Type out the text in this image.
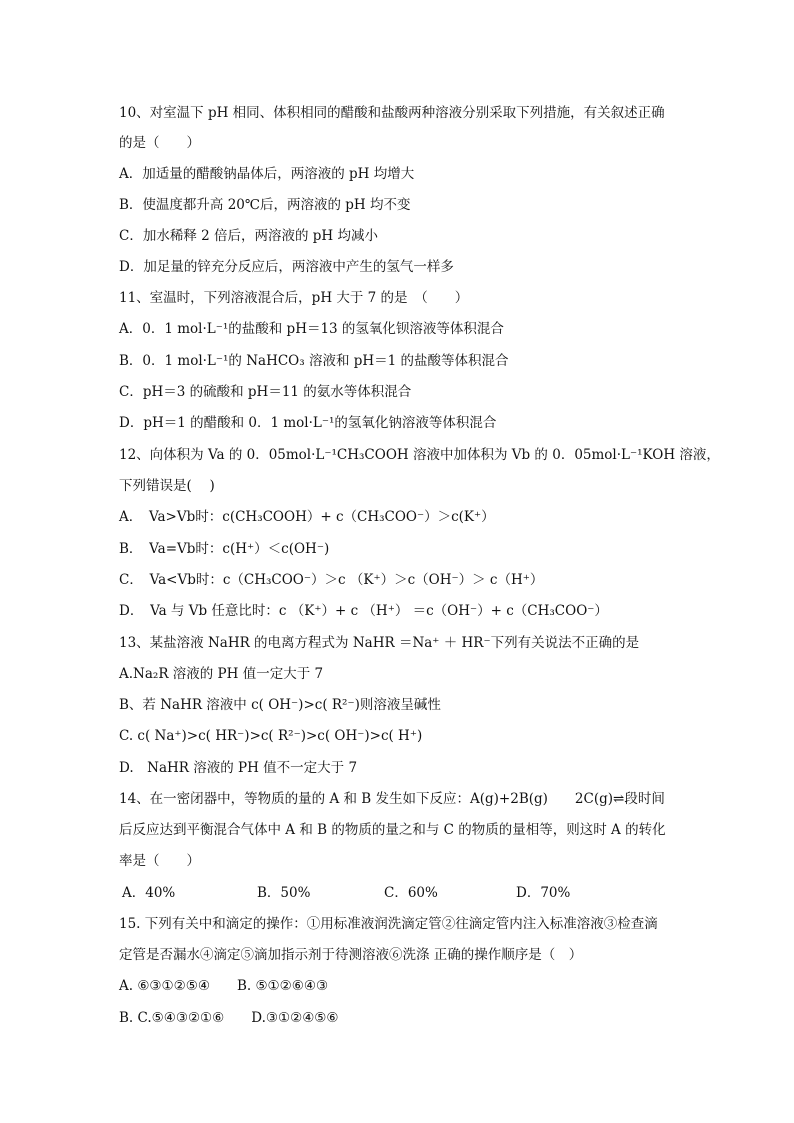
10、对室温下 pH 相同、体积相同的醋酸和盐酸两种溶液分别采取下列措施，有关叙述正确
的是（　　）
A．加适量的醋酸钠晶体后，两溶液的 pH 均增大
B．使温度都升高 20℃后，两溶液的 pH 均不变
C．加水稀释 2 倍后，两溶液的 pH 均减小
D．加足量的锌充分反应后，两溶液中产生的氢气一样多
11、室温时，下列溶液混合后，pH 大于 7 的是　（　　）
A．0．1 mol·L⁻¹的盐酸和 pH＝13 的氢氧化钡溶液等体积混合
B．0．1 mol·L⁻¹的 NaHCO₃ 溶液和 pH＝1 的盐酸等体积混合
C．pH＝3 的硫酸和 pH＝11 的氨水等体积混合
D．pH＝1 的醋酸和 0．1 mol·L⁻¹的氢氧化钠溶液等体积混合
12、向体积为 Va 的 0．05mol·L⁻¹CH₃COOH 溶液中加体积为 Vb 的 0．05mol·L⁻¹KOH 溶液，
下列错误是(　 )
A．　Va>Vb时：c(CH₃COOH）+ c（CH₃COO⁻）＞c(K⁺）
B．　Va=Vb时：c(H⁺）＜c(OH⁻)
C．　Va<Vb时：c（CH₃COO⁻）＞c （K⁺）＞c（OH⁻）＞ c（H⁺）
D．　Va 与 Vb 任意比时：c （K⁺）+ c （H⁺） ＝c（OH⁻）+ c（CH₃COO⁻）
13、某盐溶液 NaHR 的电离方程式为 NaHR ＝Na⁺ ＋ HR⁻下列有关说法不正确的是
A.Na₂R 溶液的 PH 值一定大于 7
B、若 NaHR 溶液中 c( OH⁻)>c( R²⁻)则溶液呈碱性
C. c( Na⁺)>c( HR⁻)>c( R²⁻)>c( OH⁻)>c( H⁺)
D.　NaHR 溶液的 PH 值不一定大于 7
14、在一密闭器中，等物质的量的 A 和 B 发生如下反应：A(g)+2B(g)　　2C(g)⇌段时间
后反应达到平衡混合气体中 A 和 B 的物质的量之和与 C 的物质的量相等，则这时 A 的转化
率是（　　）
A．40%	B．50%	C．60%	D．70%
15. 下列有关中和滴定的操作：①用标准液润洗滴定管②往滴定管内注入标准溶液③检查滴
定管是否漏水④滴定⑤滴加指示剂于待测溶液⑥洗涤 正确的操作顺序是（　）
A. ⑥③①②⑤④　　B. ⑤①②⑥④③
B. C.⑤④③②①⑥　　D.③①②④⑤⑥
